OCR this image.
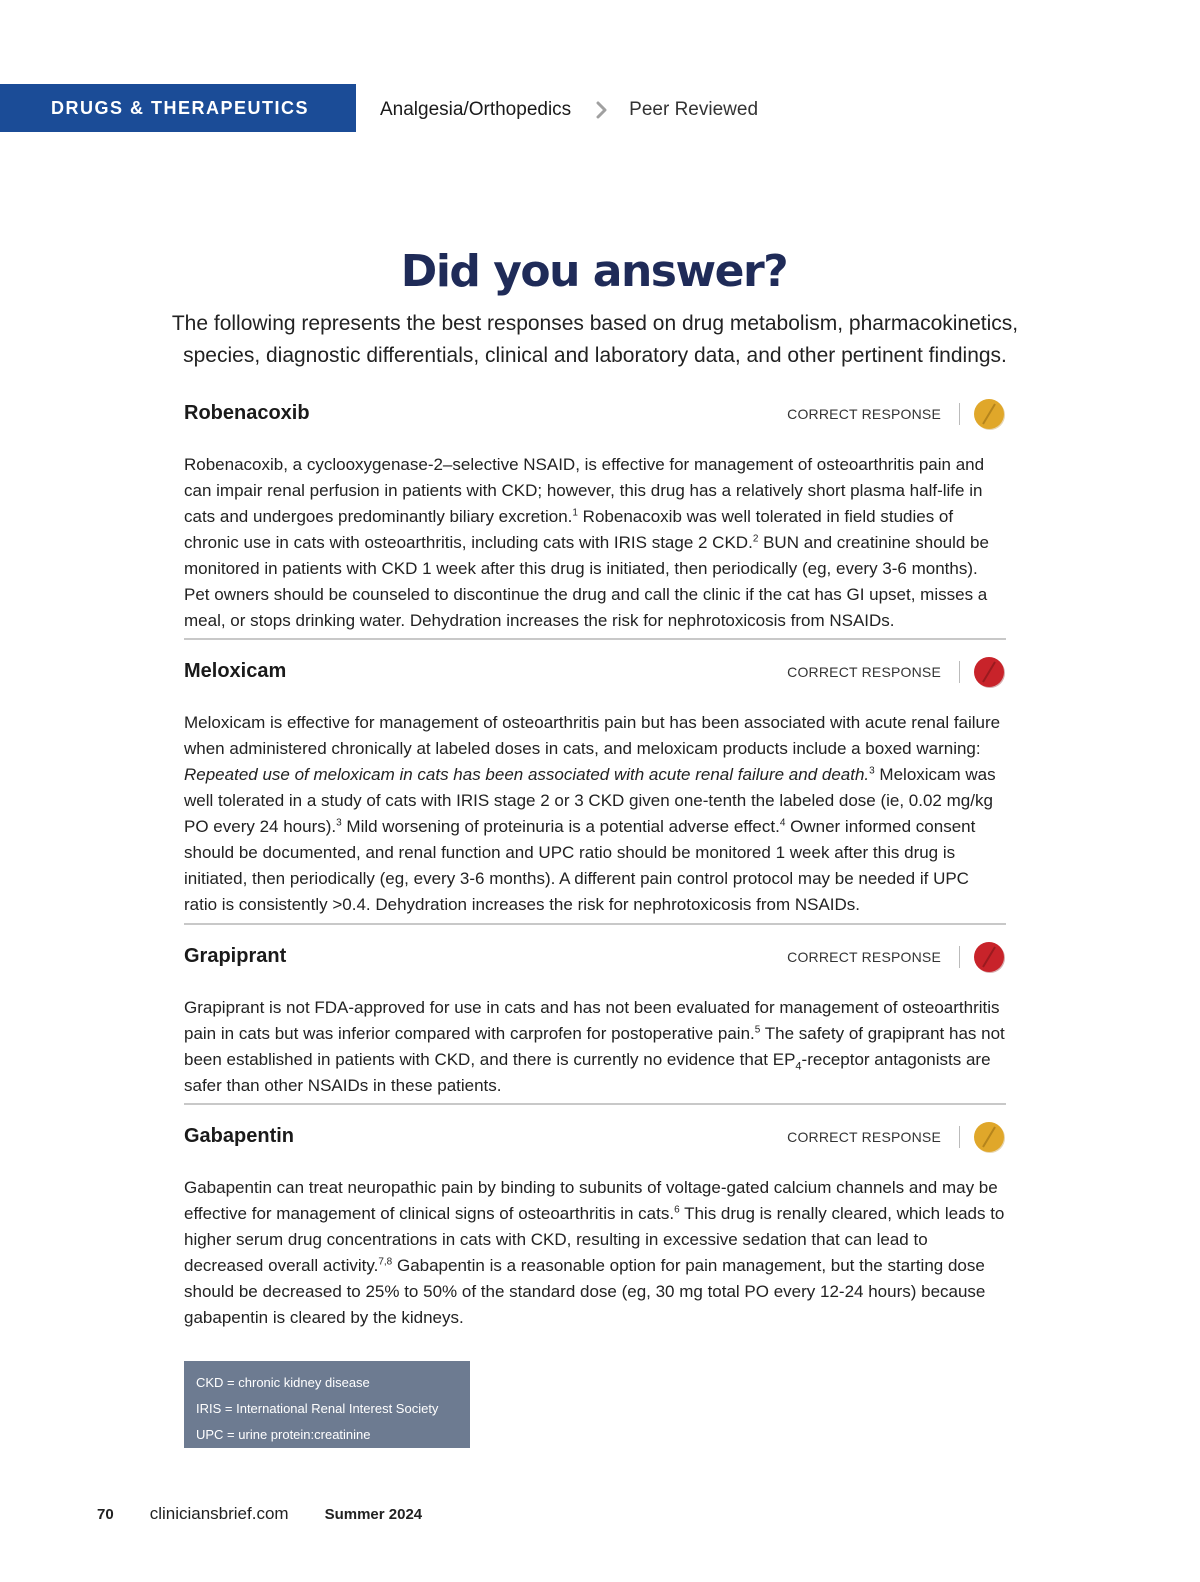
DRUGS & THERAPEUTICS	Analgesia/Orthopedics	Peer Reviewed
Did you answer?

The following represents the best responses based on drug metabolism, pharmacokinetics, species, diagnostic differentials, clinical and laboratory data, and other pertinent findings.

Robenacoxib	CORRECT RESPONSE

Robenacoxib, a cyclooxygenase-2–selective NSAID, is effective for management of osteoarthritis pain and can impair renal perfusion in patients with CKD; however, this drug has a relatively short plasma half-life in cats and undergoes predominantly biliary excretion.$^1$ Robenacoxib was well tolerated in field studies of chronic use in cats with osteoarthritis, including cats with IRIS stage 2 CKD.$^2$ BUN and creatinine should be monitored in patients with CKD 1 week after this drug is initiated, then periodically (eg, every 3-6 months). Pet owners should be counseled to discontinue the drug and call the clinic if the cat has GI upset, misses a meal, or stops drinking water. Dehydration increases the risk for nephrotoxicosis from NSAIDs.

Meloxicam	CORRECT RESPONSE

Meloxicam is effective for management of osteoarthritis pain but has been associated with acute renal failure when administered chronically at labeled doses in cats, and meloxicam products include a boxed warning: Repeated use of meloxicam in cats has been associated with acute renal failure and death.$^3$ Meloxicam was well tolerated in a study of cats with IRIS stage 2 or 3 CKD given one-tenth the labeled dose (ie, 0.02 mg/kg PO every 24 hours).$^3$ Mild worsening of proteinuria is a potential adverse effect.$^4$ Owner informed consent should be documented, and renal function and UPC ratio should be monitored 1 week after this drug is initiated, then periodically (eg, every 3-6 months). A different pain control protocol may be needed if UPC ratio is consistently >0.4. Dehydration increases the risk for nephrotoxicosis from NSAIDs.

Grapiprant	CORRECT RESPONSE

Grapiprant is not FDA-approved for use in cats and has not been evaluated for management of osteoarthritis pain in cats but was inferior compared with carprofen for postoperative pain.$^5$ The safety of grapiprant has not been established in patients with CKD, and there is currently no evidence that $EP_4$-receptor antagonists are safer than other NSAIDs in these patients.

Gabapentin	CORRECT RESPONSE

Gabapentin can treat neuropathic pain by binding to subunits of voltage-gated calcium channels and may be effective for management of clinical signs of osteoarthritis in cats.$^6$ This drug is renally cleared, which leads to higher serum drug concentrations in cats with CKD, resulting in excessive sedation that can lead to decreased overall activity.$^{7,8}$ Gabapentin is a reasonable option for pain management, but the starting dose should be decreased to 25% to 50% of the standard dose (eg, 30 mg total PO every 12-24 hours) because gabapentin is cleared by the kidneys.

CKD = chronic kidney disease
IRIS = International Renal Interest Society
UPC = urine protein:creatinine
70 cliniciansbrief.com Summer 2024
